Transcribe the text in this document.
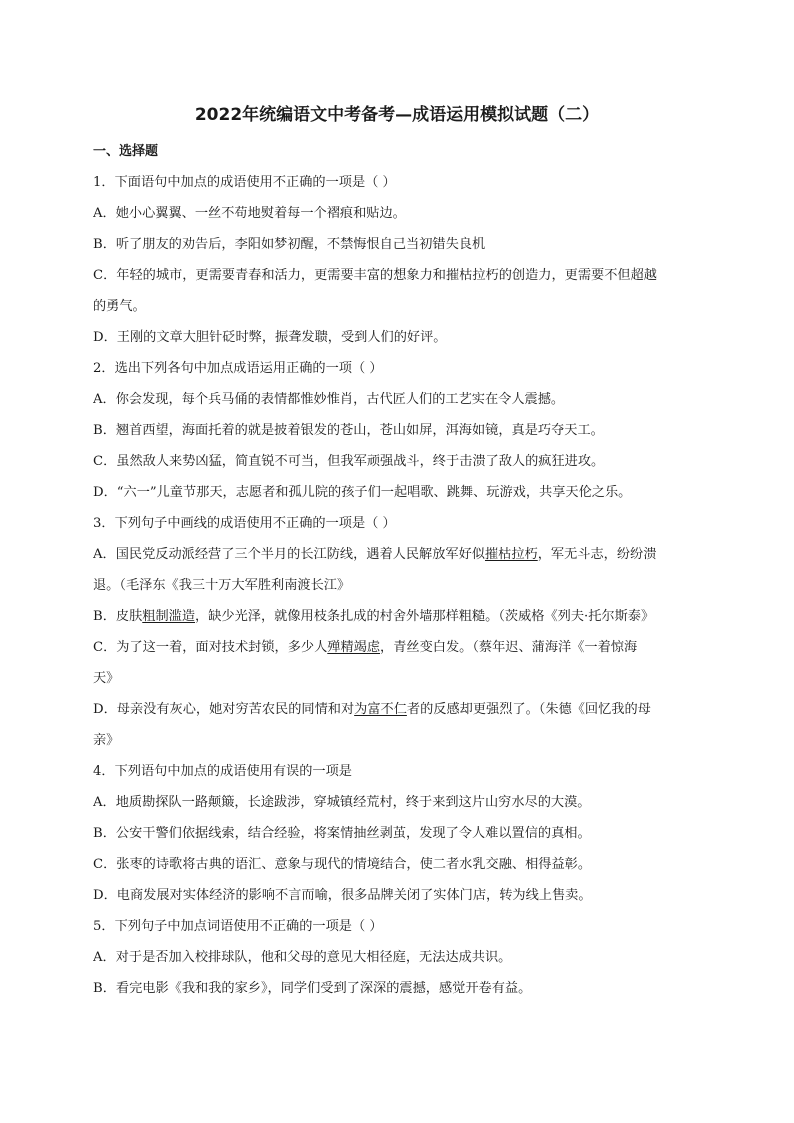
2022年统编语文中考备考—成语运用模拟试题（二）
一、选择题
1．下面语句中加点的成语使用不正确的一项是（ ）
A．她小心翼翼、一丝不苟地熨着每一个褶痕和贴边。
B．听了朋友的劝告后，李阳如梦初醒，不禁悔恨自己当初错失良机
C．年轻的城市，更需要青春和活力，更需要丰富的想象力和摧枯拉朽的创造力，更需要不但超越
的勇气。
D．王刚的文章大胆针砭时弊，振聋发聩，受到人们的好评。
2．选出下列各句中加点成语运用正确的一项（ ）
A．你会发现，每个兵马俑的表情都惟妙惟肖，古代匠人们的工艺实在令人震撼。
B．翘首西望，海面托着的就是披着银发的苍山，苍山如屏，洱海如镜，真是巧夺天工。
C．虽然敌人来势凶猛，简直锐不可当，但我军顽强战斗，终于击溃了敌人的疯狂进攻。
D．“六一”儿童节那天，志愿者和孤儿院的孩子们一起唱歌、跳舞、玩游戏，共享天伦之乐。
3．下列句子中画线的成语使用不正确的一项是（ ）
A．国民党反动派经营了三个半月的长江防线，遇着人民解放军好似摧枯拉朽，军无斗志，纷纷溃
退。（毛泽东《我三十万大军胜利南渡长江》
B．皮肤粗制滥造，缺少光泽，就像用枝条扎成的村舍外墙那样粗糙。（茨威格《列夫·托尔斯泰》
C．为了这一着，面对技术封锁，多少人殚精竭虑，青丝变白发。（蔡年迟、蒲海洋《一着惊海
天》
D．母亲没有灰心，她对穷苦农民的同情和对为富不仁者的反感却更强烈了。（朱德《回忆我的母
亲》
4．下列语句中加点的成语使用有误的一项是
A．地质勘探队一路颠簸，长途跋涉，穿城镇经荒村，终于来到这片山穷水尽的大漠。
B．公安干警们依据线索，结合经验，将案情抽丝剥茧，发现了令人难以置信的真相。
C．张枣的诗歌将古典的语汇、意象与现代的情境结合，使二者水乳交融、相得益彰。
D．电商发展对实体经济的影响不言而喻，很多品牌关闭了实体门店，转为线上售卖。
5．下列句子中加点词语使用不正确的一项是（ ）
A．对于是否加入校排球队，他和父母的意见大相径庭，无法达成共识。
B．看完电影《我和我的家乡》，同学们受到了深深的震撼，感觉开卷有益。
